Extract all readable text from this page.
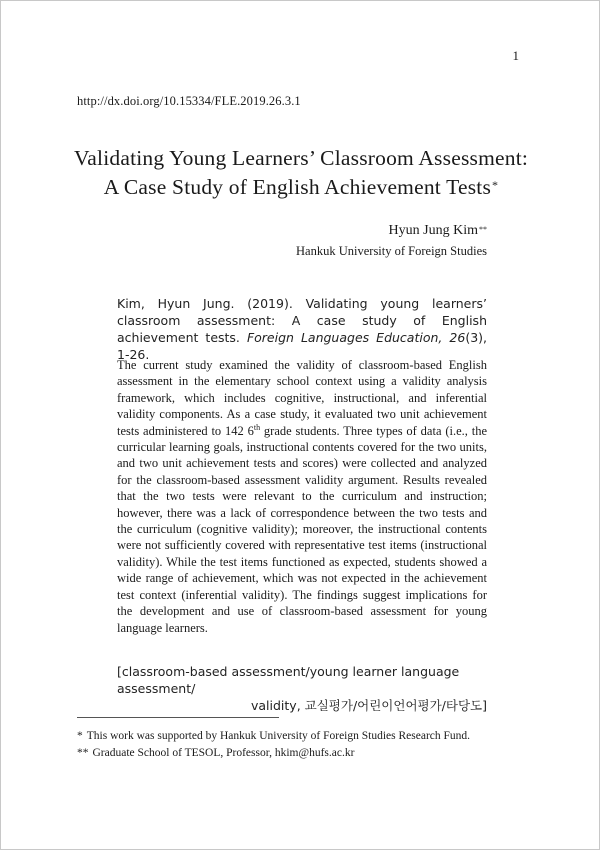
1
http://dx.doi.org/10.15334/FLE.2019.26.3.1
Validating Young Learners’ Classroom Assessment:
A Case Study of English Achievement Tests*
Hyun Jung Kim**
Hankuk University of Foreign Studies
Kim, Hyun Jung. (2019). Validating young learners’ classroom assessment: A case study of English achievement tests. Foreign Languages Education, 26(3), 1-26.
The current study examined the validity of classroom-based English assessment in the elementary school context using a validity analysis framework, which includes cognitive, instructional, and inferential validity components. As a case study, it evaluated two unit achievement tests administered to 142 6th grade students. Three types of data (i.e., the curricular learning goals, instructional contents covered for the two units, and two unit achievement tests and scores) were collected and analyzed for the classroom-based assessment validity argument. Results revealed that the two tests were relevant to the curriculum and instruction; however, there was a lack of correspondence between the two tests and the curriculum (cognitive validity); moreover, the instructional contents were not sufficiently covered with representative test items (instructional validity). While the test items functioned as expected, students showed a wide range of achievement, which was not expected in the achievement test context (inferential validity). The findings suggest implications for the development and use of classroom-based assessment for young language learners.
[classroom-based assessment/young learner language assessment/
validity, 교실평가/어린이언어평가/타당도]
* This work was supported by Hankuk University of Foreign Studies Research Fund.
** Graduate School of TESOL, Professor, hkim@hufs.ac.kr
